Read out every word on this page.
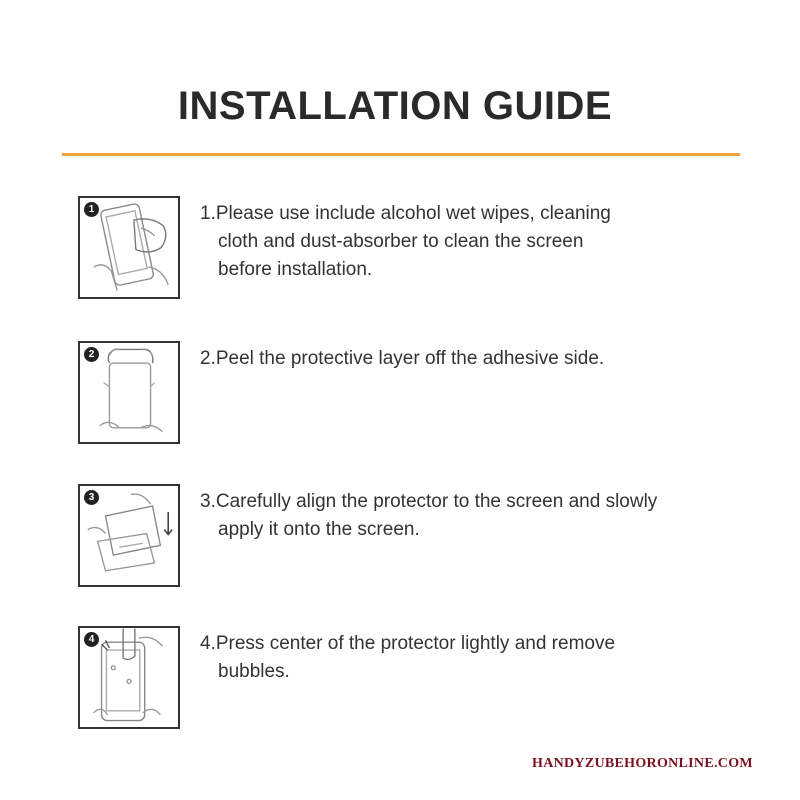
INSTALLATION GUIDE
1	1.Please use include alcohol wet wipes, cleaning
cloth and dust-absorber to clean the screen
before installation.
2	2.Peel the protective layer off the adhesive side.
3	3.Carefully align the protector to the screen and slowly
apply it onto the screen.
4	4.Press center of the protector lightly and remove
bubbles.
HANDYZUBEHORONLINE.COM
